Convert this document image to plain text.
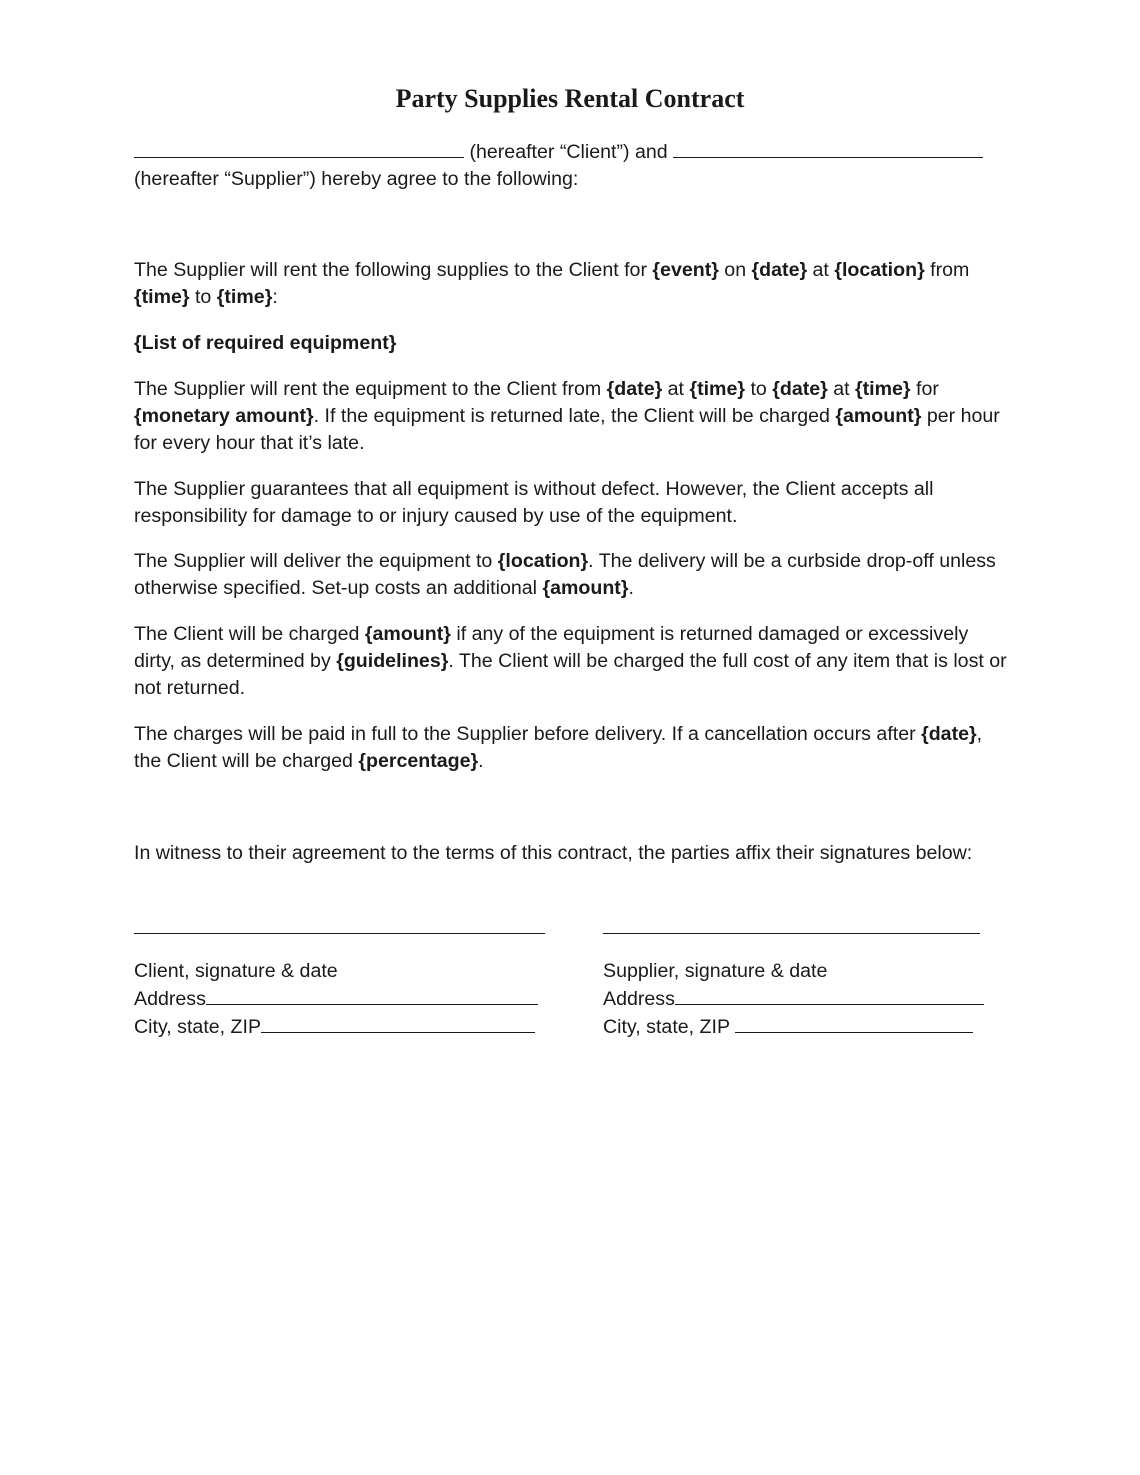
Party Supplies Rental Contract

(hereafter “Client”) and

(hereafter “Supplier”) hereby agree to the following:

The Supplier will rent the following supplies to the Client for {event} on {date} at {location} from {time} to {time}:

{List of required equipment}

The Supplier will rent the equipment to the Client from {date} at {time} to {date} at {time} for {monetary amount}. If the equipment is returned late, the Client will be charged {amount} per hour for every hour that it’s late.

The Supplier guarantees that all equipment is without defect. However, the Client accepts all responsibility for damage to or injury caused by use of the equipment.

The Supplier will deliver the equipment to {location}. The delivery will be a curbside drop-off unless otherwise specified. Set-up costs an additional {amount}.

The Client will be charged {amount} if any of the equipment is returned damaged or excessively dirty, as determined by {guidelines}. The Client will be charged the full cost of any item that is lost or not returned.

The charges will be paid in full to the Supplier before delivery. If a cancellation occurs after {date}, the Client will be charged {percentage}.

In witness to their agreement to the terms of this contract, the parties affix their signatures below:

Client, signature & date
Address
City, state, ZIP
Supplier, signature & date
Address
City, state, ZIP
